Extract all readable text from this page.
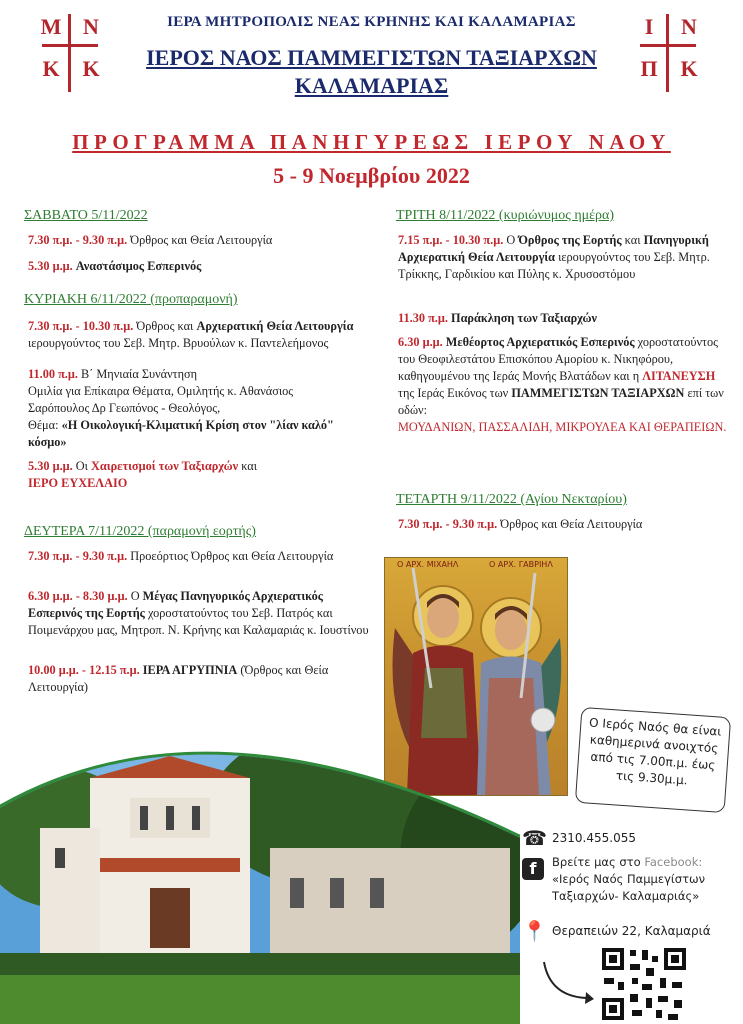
Μ Ν
Κ	Κ
Ι	Ν
Π	Κ
ΙΕΡΑ ΜΗΤΡΟΠΟΛΙΣ ΝΕΑΣ ΚΡΗΝΗΣ ΚΑΙ ΚΑΛΑΜΑΡΙΑΣ
ΙΕΡΟΣ ΝΑΟΣ ΠΑΜΜΕΓΙΣΤΩΝ ΤΑΞΙΑΡΧΩΝ
ΚΑΛΑΜΑΡΙΑΣ
ΠΡΟΓΡΑΜΜΑ ΠΑΝΗΓΥΡΕΩΣ ΙΕΡΟΥ ΝΑΟΥ
5 - 9 Νοεμβρίου 2022
ΣΑΒΒΑΤΟ 5/11/2022
7.30 π.μ. - 9.30 π.μ. Όρθρος και Θεία Λειτουργία
5.30 μ.μ. Αναστάσιμος Εσπερινός
ΚΥΡΙΑΚΗ 6/11/2022 (προπαραμονή)
7.30 π.μ. - 10.30 π.μ. Όρθρος και Αρχιερατική Θεία Λειτουργία ιερουργούντος του Σεβ. Μητρ. Βρυούλων κ. Παντελεήμονος
11.00 π.μ. Β΄ Μηνιαία Συνάντηση
Ομιλία για Επίκαιρα Θέματα, Ομιλητής κ. Αθανάσιος
Σαρόπουλος Δρ Γεωπόνος - Θεολόγος,
Θέμα: «Η Οικολογική-Κλιματική Κρίση στον "λίαν καλό" κόσμο»
5.30 μ.μ. Οι Χαιρετισμοί των Ταξιαρχών και
ΙΕΡΟ ΕΥΧΕΛΑΙΟ
ΔΕΥΤΕΡΑ 7/11/2022 (παραμονή εορτής)
7.30 π.μ. - 9.30 π.μ. Προεόρτιος Όρθρος και Θεία Λειτουργία
6.30 μ.μ. - 8.30 μ.μ. Ο Μέγας Πανηγυρικός Αρχιερατικός Εσπερινός της Εορτής χοροστατούντος του Σεβ. Πατρός και Ποιμενάρχου μας, Μητροπ. Ν. Κρήνης και Καλαμαριάς κ. Ιουστίνου
10.00 μ.μ. - 12.15 π.μ. ΙΕΡΑ ΑΓΡΥΠΝΙΑ (Όρθρος και Θεία Λειτουργία)
ΤΡΙΤΗ 8/11/2022 (κυριώνυμος ημέρα)
7.15 π.μ. - 10.30 π.μ. Ο Όρθρος της Εορτής και Πανηγυρική Αρχιερατική Θεία Λειτουργία ιερουργούντος του Σεβ. Μητρ. Τρίκκης, Γαρδικίου και Πύλης κ. Χρυσοστόμου
11.30 π.μ. Παράκληση των Ταξιαρχών
6.30 μ.μ. Μεθέορτος Αρχιερατικός Εσπερινός χοροστατούντος του Θεοφιλεστάτου Επισκόπου Αμορίου κ. Νικηφόρου, καθηγουμένου της Ιεράς Μονής Βλατάδων και η ΛΙΤΑΝΕΥΣΗ της Ιεράς Εικόνος των ΠΑΜΜΕΓΙΣΤΩΝ ΤΑΞΙΑΡΧΩΝ επί των οδών:
ΜΟΥΔΑΝΙΩΝ, ΠΑΣΣΑΛΙΔΗ, ΜΙΚΡΟΥΛΕΑ ΚΑΙ ΘΕΡΑΠΕΙΩΝ.
ΤΕΤΑΡΤΗ 9/11/2022 (Αγίου Νεκταρίου)
7.30 π.μ. - 9.30 π.μ. Όρθρος και Θεία Λειτουργία
Ο ΑΡΧ. ΜΙΧΑΗΛ	Ο ΑΡΧ. ΓΑΒΡΙΗΛ
Ο Ιερός Ναός θα είναι
καθημερινά ανοιχτός
από τις 7.00π.μ. έως
τις 9.30μ.μ.
☎ 2310.455.055
f	Βρείτε μας στο Facebook:
«Ιερός Ναός Παμμεγίστων
Ταξιαρχών- Καλαμαριάς»
📍 Θεραπειών 22, Καλαμαριά
